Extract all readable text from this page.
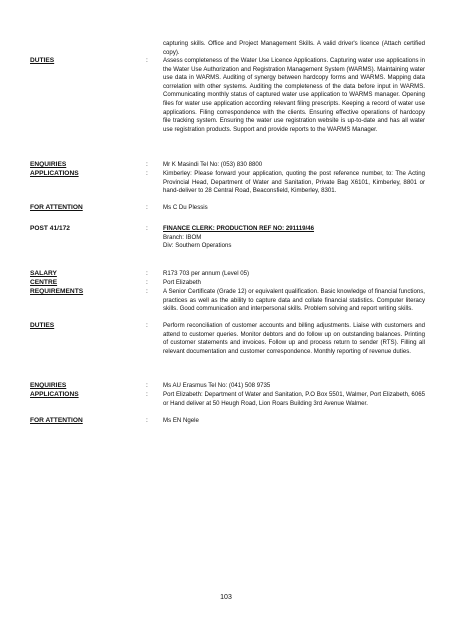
capturing skills. Office and Project Management Skills. A valid driver's licence (Attach certified copy).
DUTIES	: Assess completeness of the Water Use Licence Applications. Capturing water use applications in the Water Use Authorization and Registration Management System (WARMS). Maintaining water use data in WARMS. Auditing of synergy between hardcopy forms and WARMS. Mapping data correlation with other systems. Auditing the completeness of the data before input in WARMS. Communicating monthly status of captured water use application to WARMS manager. Opening files for water use application according relevant filing prescripts. Keeping a record of water use applications. Filing correspondence with the clients. Ensuring effective operations of hardcopy file tracking system. Ensuring the water use registration website is up-to-date and has all water use registration products. Support and provide reports to the WARMS Manager.
ENQUIRIES	: Mr K Masindi Tel No: (053) 830 8800
APPLICATIONS	: Kimberley: Please forward your application, quoting the post reference number, to: The Acting Provincial Head, Department of Water and Sanitation, Private Bag X6101, Kimberley, 8801 or hand-deliver to 28 Central Road, Beaconsfield, Kimberley, 8301.
FOR ATTENTION	: Ms C Du Plessis
POST 41/172	: FINANCE CLERK: PRODUCTION REF NO: 291119/46
Branch: IBOM
Div: Southern Operations
SALARY	: R173 703 per annum (Level 05)
CENTRE	: Port Elizabeth
REQUIREMENTS	: A Senior Certificate (Grade 12) or equivalent qualification. Basic knowledge of financial functions, practices as well as the ability to capture data and collate financial statistics. Computer literacy skills. Good communication and interpersonal skills. Problem solving and report writing skills.
DUTIES	: Perform reconciliation of customer accounts and billing adjustments. Liaise with customers and attend to customer queries. Monitor debtors and do follow up on outstanding balances. Printing of customer statements and invoices. Follow up and process return to sender (RTS). Filling all relevant documentation and customer correspondence. Monthly reporting of revenue duties.
ENQUIRIES	: Ms AU Erasmus Tel No: (041) 508 9735
APPLICATIONS	: Port Elizabeth: Department of Water and Sanitation, P.O Box 5501, Walmer, Port Elizabeth, 6065 or Hand deliver at 50 Heugh Road, Lion Roars Building 3rd Avenue Walmer.
FOR ATTENTION	: Ms EN Ngele
103
